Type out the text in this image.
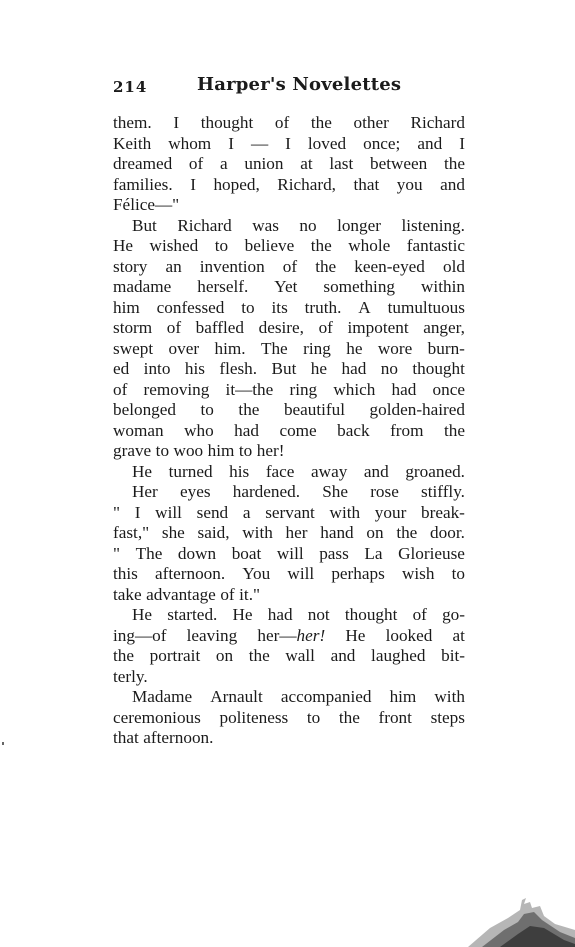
214	Harper's Novelettes
them. I thought of the other Richard
Keith whom I — I loved once; and I
dreamed of a union at last between the
families. I hoped, Richard, that you and
Félice—"
But Richard was no longer listening.
He wished to believe the whole fantastic
story an invention of the keen-eyed old
madame herself. Yet something within
him confessed to its truth. A tumultuous
storm of baffled desire, of impotent anger,
swept over him. The ring he wore burn-
ed into his flesh. But he had no thought
of removing it—the ring which had once
belonged to the beautiful golden-haired
woman who had come back from the
grave to woo him to her!
He turned his face away and groaned.
Her eyes hardened. She rose stiffly.
" I will send a servant with your break-
fast," she said, with her hand on the door.
" The down boat will pass La Glorieuse
this afternoon. You will perhaps wish to
take advantage of it."
He started. He had not thought of go-
ing—of leaving her—her! He looked at
the portrait on the wall and laughed bit-
terly.
Madame Arnault accompanied him with
ceremonious politeness to the front steps
that afternoon.
